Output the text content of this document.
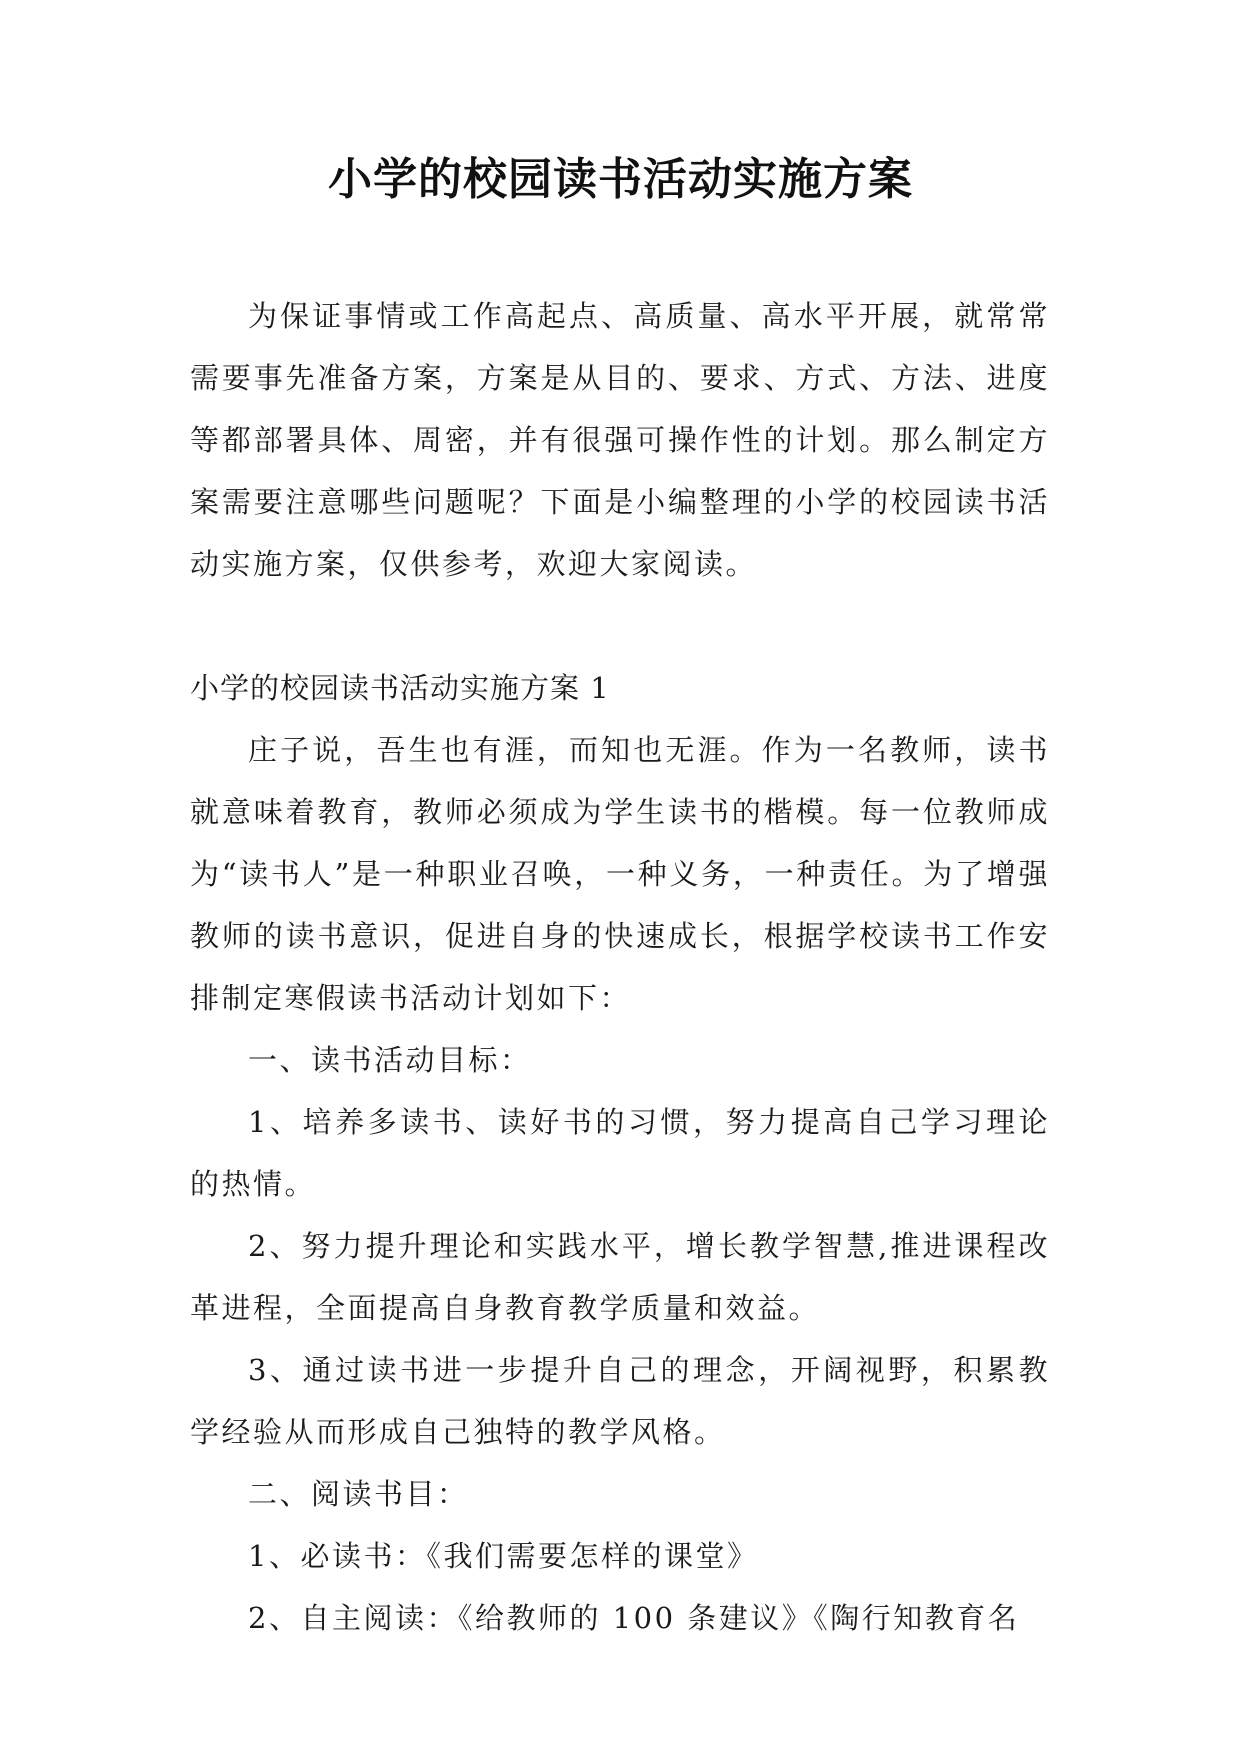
小学的校园读书活动实施方案

为保证事情或工作高起点、高质量、高水平开展，就常常需要事先准备方案，方案是从目的、要求、方式、方法、进度等都部署具体、周密，并有很强可操作性的计划。那么制定方案需要注意哪些问题呢？下面是小编整理的小学的校园读书活动实施方案，仅供参考，欢迎大家阅读。

小学的校园读书活动实施方案 1

庄子说，吾生也有涯，而知也无涯。作为一名教师，读书就意味着教育，教师必须成为学生读书的楷模。每一位教师成为“读书人”是一种职业召唤，一种义务，一种责任。为了增强教师的读书意识，促进自身的快速成长，根据学校读书工作安排制定寒假读书活动计划如下：

一、读书活动目标：

1、培养多读书、读好书的习惯，努力提高自己学习理论的热情。

2、努力提升理论和实践水平，增长教学智慧,推进课程改革进程，全面提高自身教育教学质量和效益。

3、通过读书进一步提升自己的理念，开阔视野，积累教学经验从而形成自己独特的教学风格。

二、阅读书目：

1、必读书：《我们需要怎样的课堂》

2、自主阅读：《给教师的 100 条建议》《陶行知教育名
